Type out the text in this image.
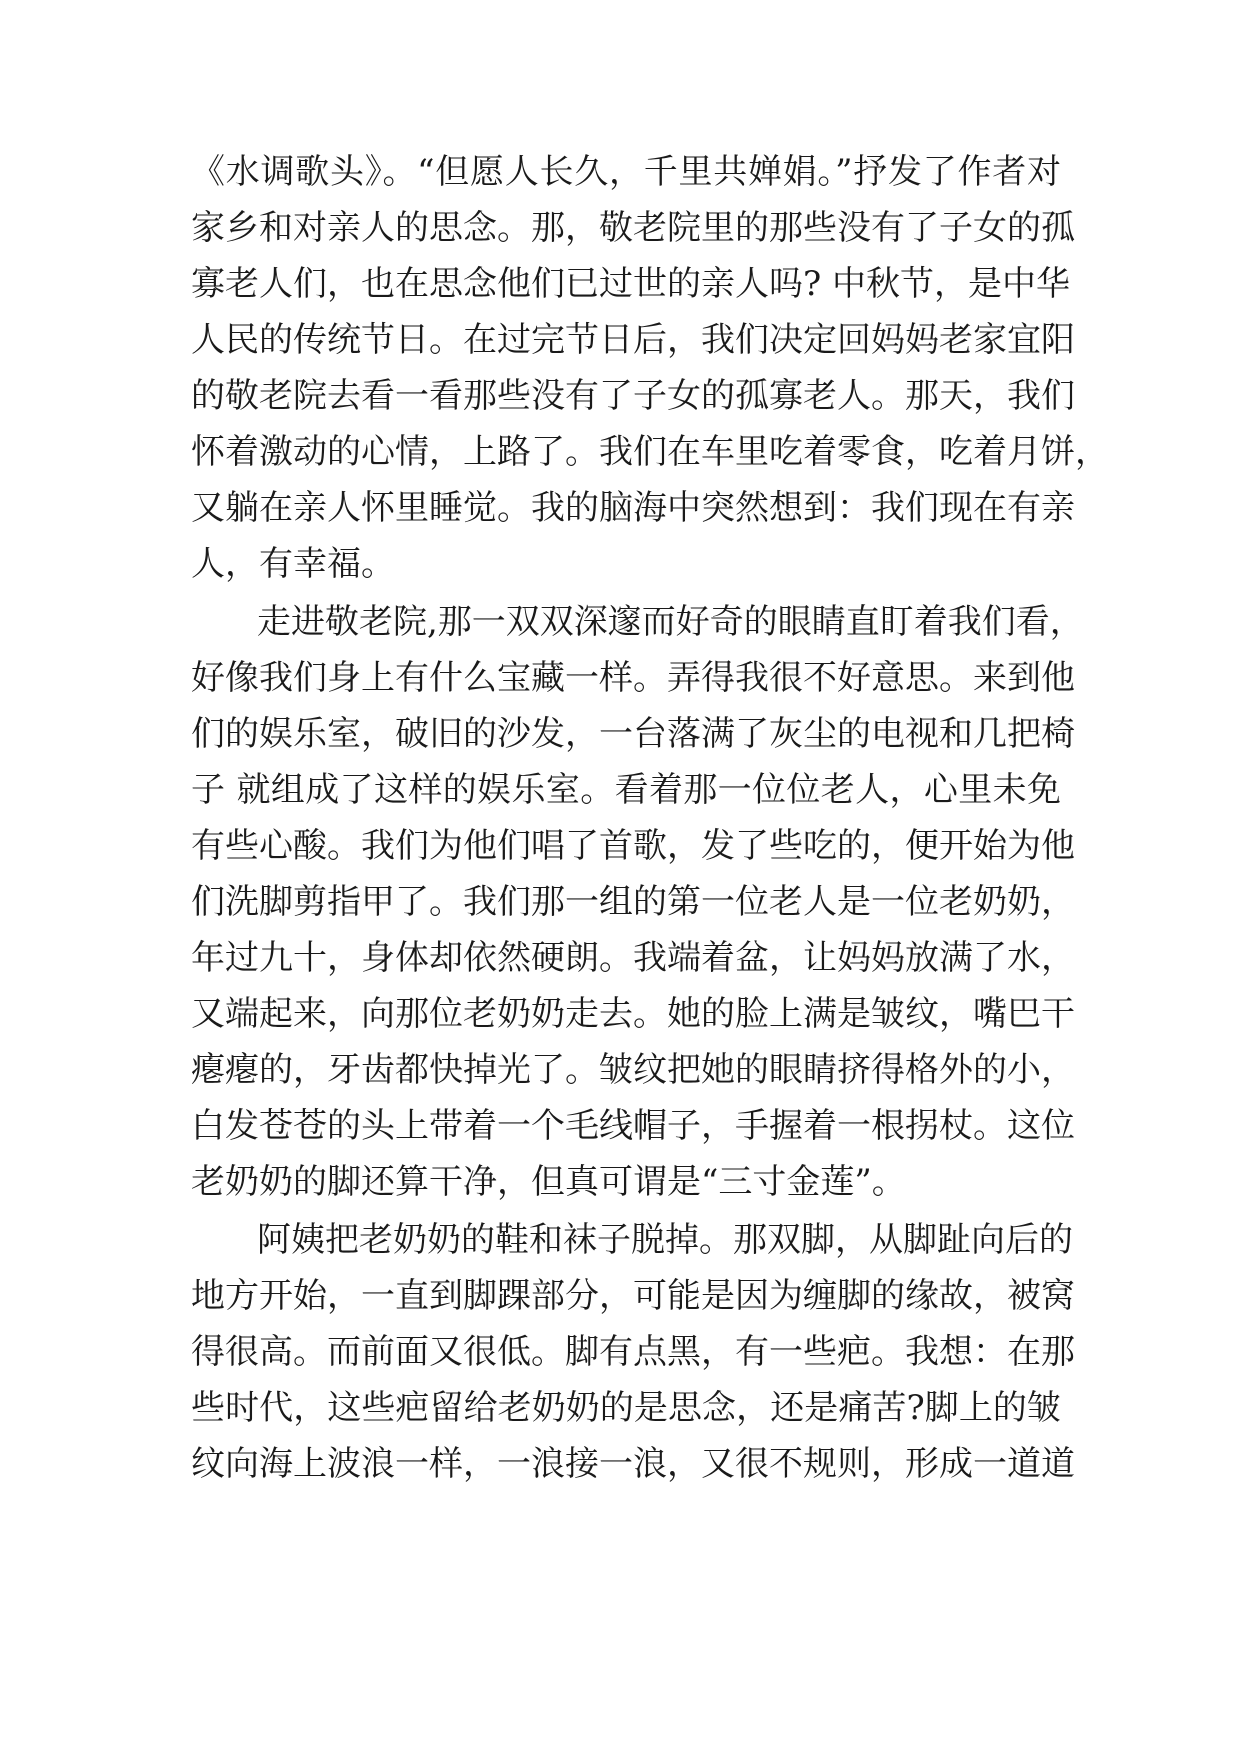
《水调歌头》。“但愿人长久，千里共婵娟。”抒发了作者对
家乡和对亲人的思念。那，敬老院里的那些没有了子女的孤
寡老人们，也在思念他们已过世的亲人吗? 中秋节，是中华
人民的传统节日。在过完节日后，我们决定回妈妈老家宜阳
的敬老院去看一看那些没有了子女的孤寡老人。那天，我们
怀着激动的心情，上路了。我们在车里吃着零食，吃着月饼，
又躺在亲人怀里睡觉。我的脑海中突然想到：我们现在有亲
人，有幸福。
走进敬老院,那一双双深邃而好奇的眼睛直盯着我们看，
好像我们身上有什么宝藏一样。弄得我很不好意思。来到他
们的娱乐室，破旧的沙发，一台落满了灰尘的电视和几把椅
子 就组成了这样的娱乐室。看着那一位位老人，心里未免
有些心酸。我们为他们唱了首歌，发了些吃的，便开始为他
们洗脚剪指甲了。我们那一组的第一位老人是一位老奶奶，
年过九十，身体却依然硬朗。我端着盆，让妈妈放满了水，
又端起来，向那位老奶奶走去。她的脸上满是皱纹，嘴巴干
瘪瘪的，牙齿都快掉光了。皱纹把她的眼睛挤得格外的小，
白发苍苍的头上带着一个毛线帽子，手握着一根拐杖。这位
老奶奶的脚还算干净，但真可谓是“三寸金莲”。
阿姨把老奶奶的鞋和袜子脱掉。那双脚，从脚趾向后的
地方开始，一直到脚踝部分，可能是因为缠脚的缘故，被窝
得很高。而前面又很低。脚有点黑，有一些疤。我想：在那
些时代，这些疤留给老奶奶的是思念，还是痛苦?脚上的皱
纹向海上波浪一样，一浪接一浪，又很不规则，形成一道道
